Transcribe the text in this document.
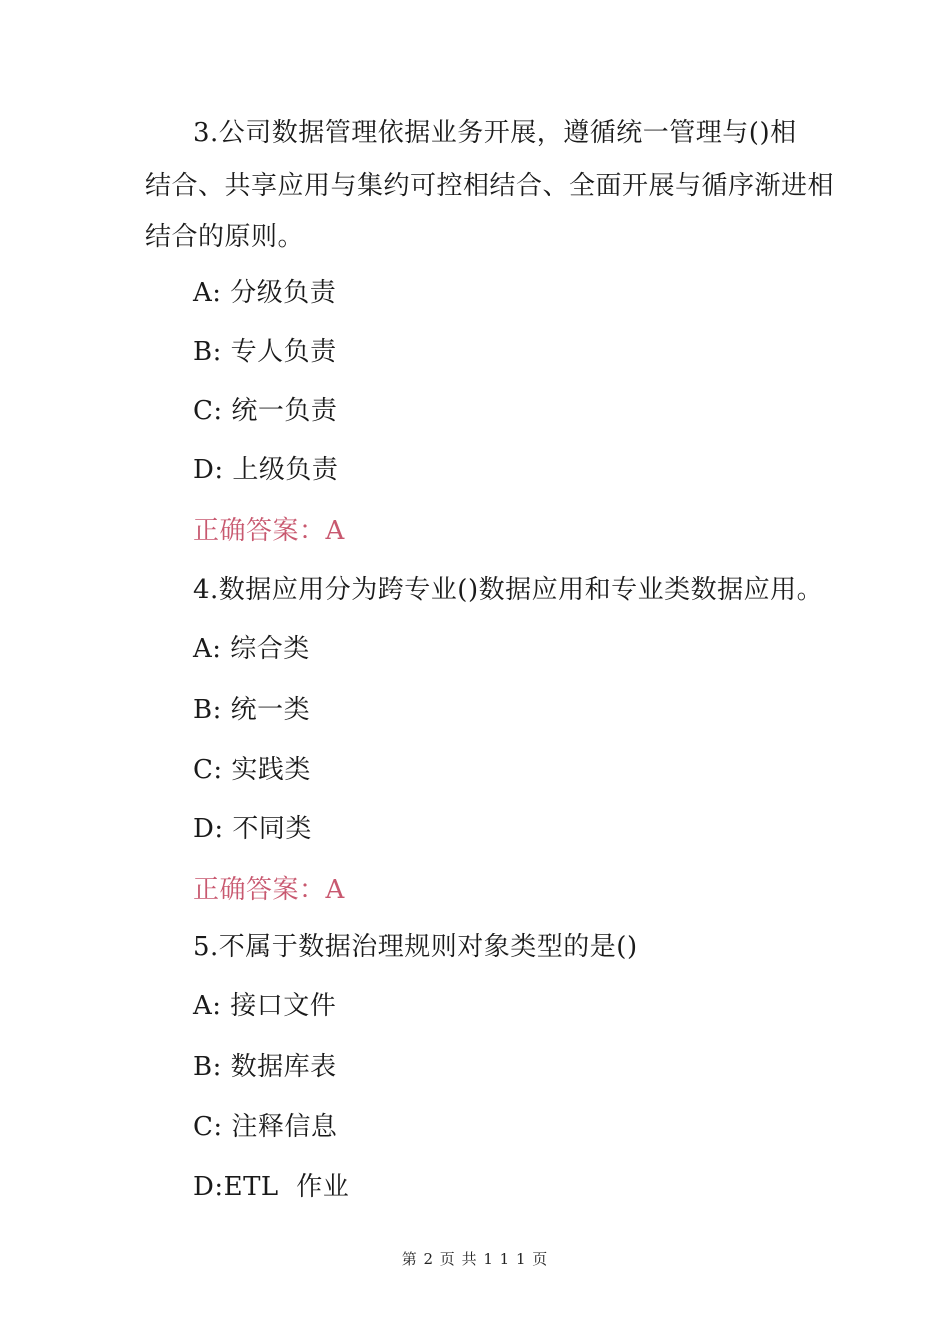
3.公司数据管理依据业务开展，遵循统一管理与()相
结合、共享应用与集约可控相结合、全面开展与循序渐进相
结合的原则。
A: 分级负责
B: 专人负责
C: 统一负责
D: 上级负责
正确答案：A
4.数据应用分为跨专业()数据应用和专业类数据应用。
A: 综合类
B: 统一类
C: 实践类
D: 不同类
正确答案：A
5.不属于数据治理规则对象类型的是()
A: 接口文件
B: 数据库表
C: 注释信息
D:ETL  作业
第 2 页 共 1 1 1 页
